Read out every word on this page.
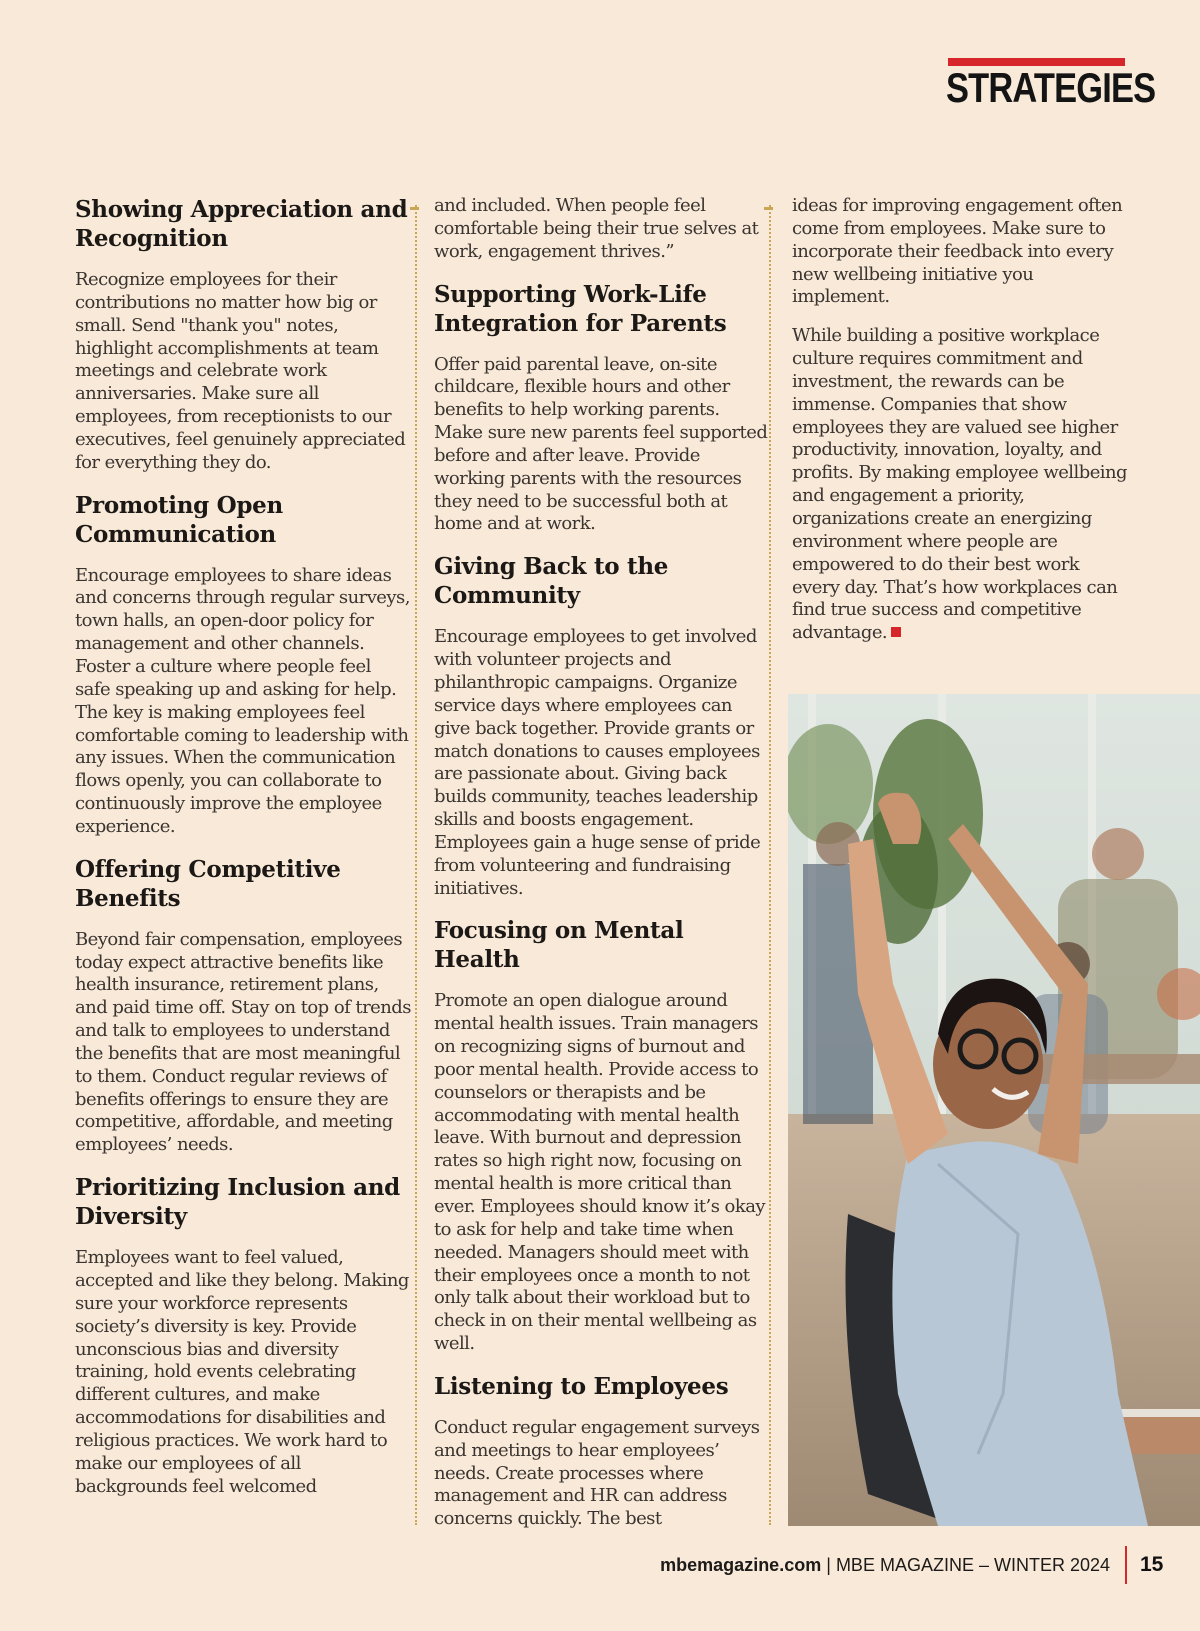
STRATEGIES
Showing Appreciation and Recognition

Recognize employees for their contributions no matter how big or small. Send "thank you" notes, highlight accomplishments at team meetings and celebrate work anniversaries. Make sure all employees, from receptionists to our executives, feel genuinely appreciated for everything they do.

Promoting Open Communication

Encourage employees to share ideas and concerns through regular surveys, town halls, an open-door policy for management and other channels. Foster a culture where people feel safe speaking up and asking for help. The key is making employees feel comfortable coming to leadership with any issues. When the communication flows openly, you can collaborate to continuously improve the employee experience.

Offering Competitive Benefits

Beyond fair compensation, employees today expect attractive benefits like health insurance, retirement plans, and paid time off. Stay on top of trends and talk to employees to understand the benefits that are most meaningful to them. Conduct regular reviews of benefits offerings to ensure they are competitive, affordable, and meeting employees’ needs.

Prioritizing Inclusion and Diversity

Employees want to feel valued, accepted and like they belong. Making sure your workforce represents society’s diversity is key. Provide unconscious bias and diversity training, hold events celebrating different cultures, and make accommodations for disabilities and religious practices. We work hard to make our employees of all backgrounds feel welcomed

and included. When people feel comfortable being their true selves at work, engagement thrives.”

Supporting Work-Life Integration for Parents

Offer paid parental leave, on-site childcare, flexible hours and other benefits to help working parents. Make sure new parents feel supported before and after leave. Provide working parents with the resources they need to be successful both at home and at work.

Giving Back to the Community

Encourage employees to get involved with volunteer projects and philanthropic campaigns. Organize service days where employees can give back together. Provide grants or match donations to causes employees are passionate about. Giving back builds community, teaches leadership skills and boosts engagement. Employees gain a huge sense of pride from volunteering and fundraising initiatives.

Focusing on Mental Health

Promote an open dialogue around mental health issues. Train managers on recognizing signs of burnout and poor mental health. Provide access to counselors or therapists and be accommodating with mental health leave. With burnout and depression rates so high right now, focusing on mental health is more critical than ever. Employees should know it’s okay to ask for help and take time when needed. Managers should meet with their employees once a month to not only talk about their workload but to check in on their mental wellbeing as well.

Listening to Employees

Conduct regular engagement surveys and meetings to hear employees’ needs. Create processes where management and HR can address concerns quickly. The best

ideas for improving engagement often come from employees. Make sure to incorporate their feedback into every new wellbeing initiative you implement.

While building a positive workplace culture requires commitment and investment, the rewards can be immense. Companies that show employees they are valued see higher productivity, innovation, loyalty, and profits. By making employee wellbeing and engagement a priority, organizations create an energizing environment where people are empowered to do their best work every day. That’s how workplaces can find true success and competitive advantage.

mbemagazine.com | MBE MAGAZINE – WINTER 2024 15
